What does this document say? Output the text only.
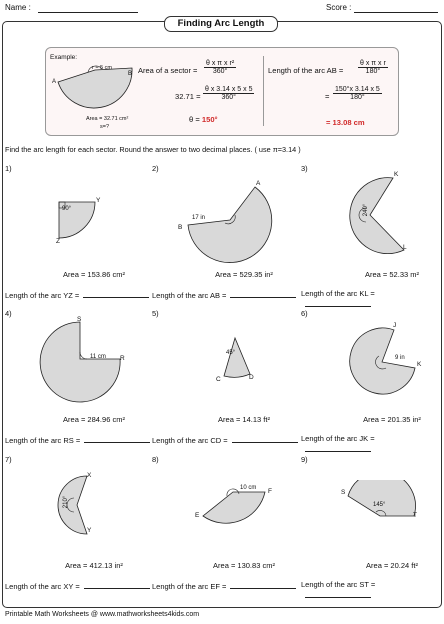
Name :	Score :
Finding Arc Length
Example:
r = 5 cm
A
B
Area = 32.71 cm²
s=?
Area of a sector = $\frac{\text{θ x π x r²}}{360^\circ}$
$32.71 = \frac{\text{θ x 3.14 x 5 x 5}}{360^\circ}$
θ = 150°
Length of the arc AB = $\frac{\text{θ x π x r}}{180^\circ}$
= $\frac{150^\circ x 3.14 x 5}{180^\circ}$
= 13.08 cm
Find the arc length for each sector. Round the answer to two decimal places. ( use π=3.14 )
1)	2)	3)
4)	5)	6)
7)	8)	9)
90°
Y
Z
17 in
A
B
240°
K
L
11 cm
S
R
45°
C	D
9 in
J
K
210°
X
Y
10 cm F
E
145°
S
T
Area = 153.86 cm²	Area = 529.35 in²	Area = 52.33 m²
Area = 284.96 cm²	Area = 14.13 ft²	Area = 201.35 in²
Area = 412.13 in²	Area = 130.83 cm²	Area = 20.24 ft²
Length of the arc YZ =	Length of the arc AB =	Length of the arc KL =
Length of the arc RS =	Length of the arc CD =	Length of the arc JK =
Length of the arc XY =	Length of the arc EF =	Length of the arc ST =
Printable Math Worksheets @ www.mathworksheets4kids.com
